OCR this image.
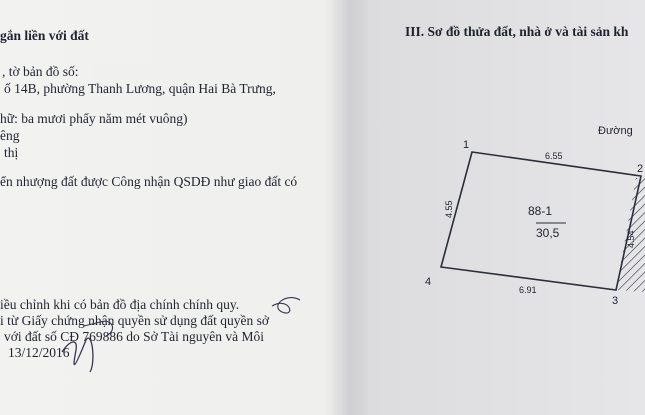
gắn liền với đất
, tờ bản đồ số:
ố 14B, phường Thanh Lương, quận Hai Bà Trưng,
hữ: ba mươi phẩy năm mét vuông)
êng
thị
ển nhượng đất được Công nhận QSDĐ như giao đất có
iều chỉnh khi có bản đồ địa chính chính quy.
i từ Giấy chứng nhận quyền sử dụng đất quyền sở
với đất số CĐ 769886 do Sở Tài nguyên và Môi
13/12/2016
III. Sơ đồ thửa đất, nhà ở và tài sản kh
88-1
30,5
6.55
6.91
4.55
4.54
1
2
3
4
Đường
